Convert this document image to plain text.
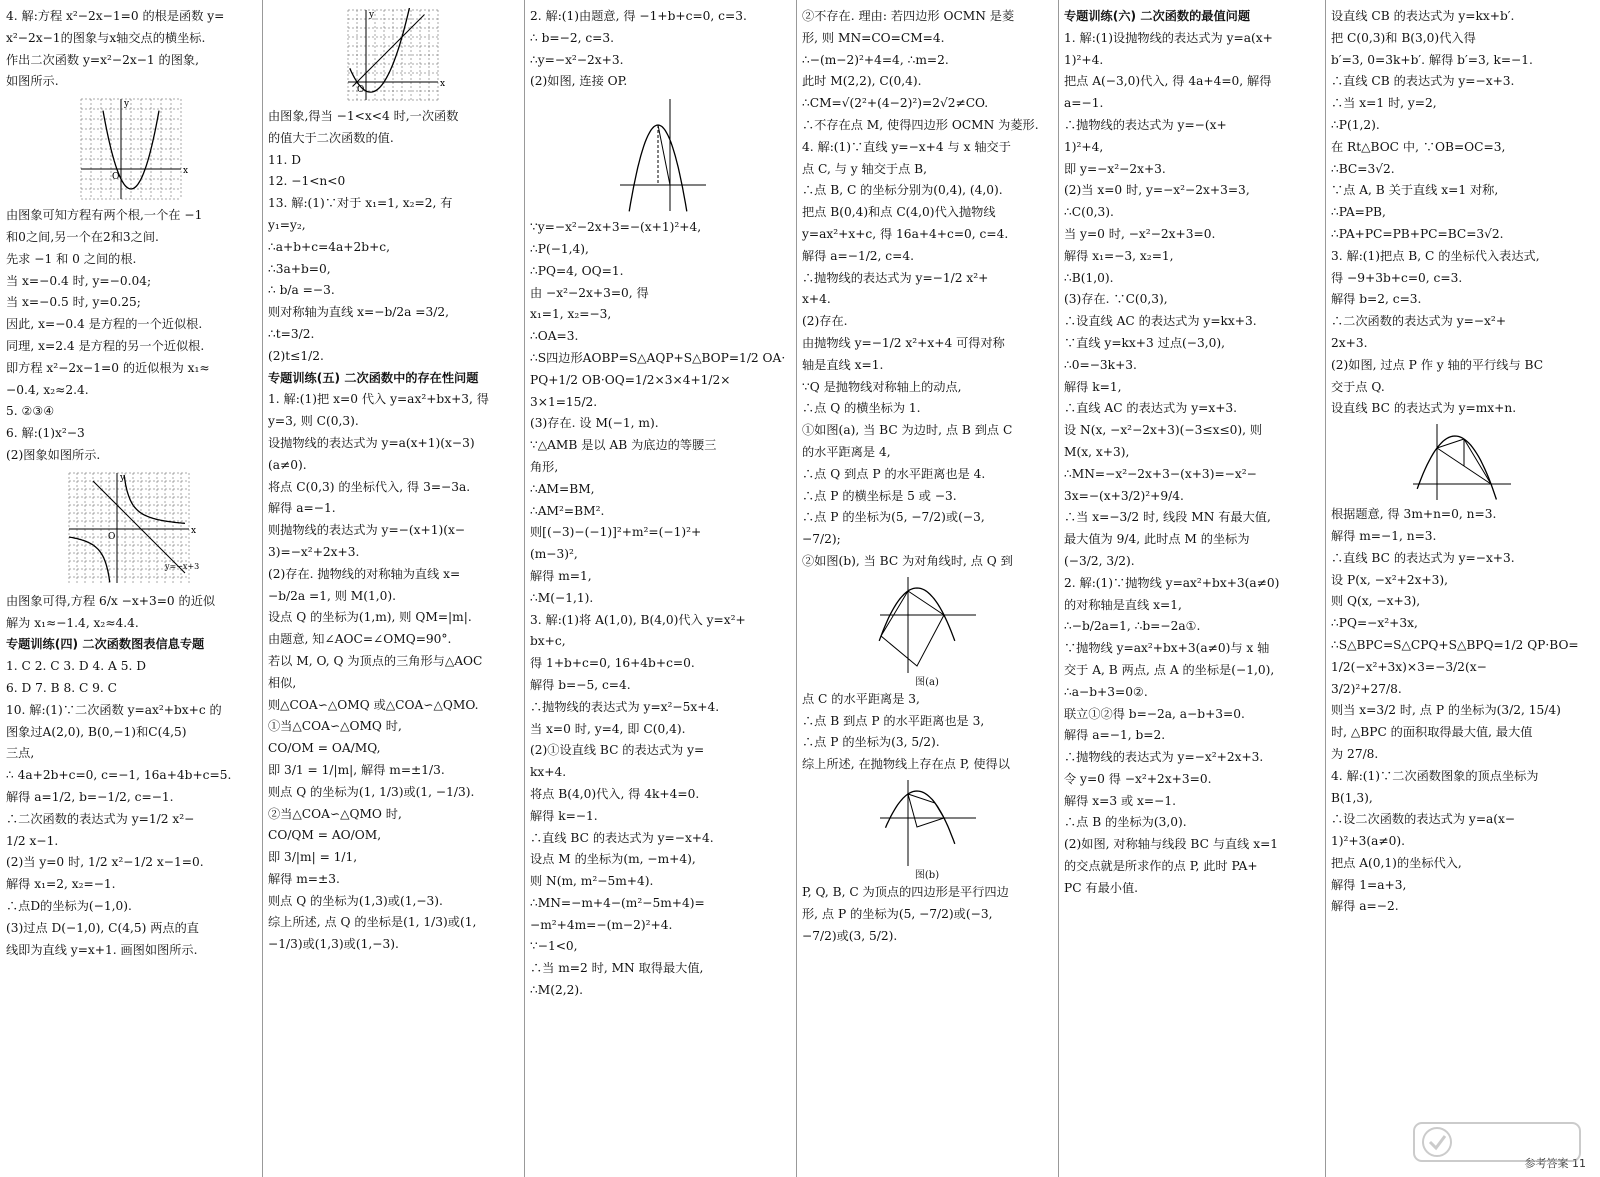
4. 解:方程 x²−2x−1=0 的根是函数 y=
x²−2x−1的图象与x轴交点的横坐标.
作出二次函数 y=x²−2x−1 的图象,
如图所示.
x
y
O
由图象可知方程有两个根,一个在 −1
和0之间,另一个在2和3之间.
先求 −1 和 0 之间的根.
当 x=−0.4 时, y=−0.04;
当 x=−0.5 时, y=0.25;
因此, x=−0.4 是方程的一个近似根.
同理, x=2.4 是方程的另一个近似根.
即方程 x²−2x−1=0 的近似根为 x₁≈
−0.4, x₂≈2.4.
5. ②③④
6. 解:(1)x²−3
(2)图象如图所示.
x
y
O
y=−x+3
由图象可得,方程 6/x −x+3=0 的近似
解为 x₁≈−1.4, x₂≈4.4.
专题训练(四) 二次函数图表信息专题
1. C 2. C 3. D 4. A 5. D
6. D 7. B 8. C 9. C
10. 解:(1)∵二次函数 y=ax²+bx+c 的
图象过A(2,0), B(0,−1)和C(4,5)
三点,
∴ 4a+2b+c=0, c=−1, 16a+4b+c=5.
解得 a=1/2, b=−1/2, c=−1.
∴二次函数的表达式为 y=1/2 x²−
1/2 x−1.
(2)当 y=0 时, 1/2 x²−1/2 x−1=0.
解得 x₁=2, x₂=−1.
∴点D的坐标为(−1,0).
(3)过点 D(−1,0), C(4,5) 两点的直
线即为直线 y=x+1. 画图如图所示.
x
y
O
由图象,得当 −1<x<4 时,一次函数
的值大于二次函数的值.
11. D
12. −1<n<0
13. 解:(1)∵对于 x₁=1, x₂=2, 有
y₁=y₂,
∴a+b+c=4a+2b+c,
∴3a+b=0,
∴ b/a =−3.
则对称轴为直线 x=−b/2a =3/2,
∴t=3/2.
(2)t≤1/2.
专题训练(五) 二次函数中的存在性问题
1. 解:(1)把 x=0 代入 y=ax²+bx+3, 得
y=3, 则 C(0,3).
设抛物线的表达式为 y=a(x+1)(x−3)
(a≠0).
将点 C(0,3) 的坐标代入, 得 3=−3a.
解得 a=−1.
则抛物线的表达式为 y=−(x+1)(x−
3)=−x²+2x+3.
(2)存在. 抛物线的对称轴为直线 x=
−b/2a =1, 则 M(1,0).
设点 Q 的坐标为(1,m), 则 QM=|m|.
由题意, 知∠AOC=∠OMQ=90°.
若以 M, O, Q 为顶点的三角形与△AOC
相似,
则△COA∽△OMQ 或△COA∽△QMO.
①当△COA∽△OMQ 时,
CO/OM = OA/MQ,
即 3/1 = 1/|m|, 解得 m=±1/3.
则点 Q 的坐标为(1, 1/3)或(1, −1/3).
②当△COA∽△QMO 时,
CO/QM = AO/OM,
即 3/|m| = 1/1,
解得 m=±3.
则点 Q 的坐标为(1,3)或(1,−3).
综上所述, 点 Q 的坐标是(1, 1/3)或(1,
−1/3)或(1,3)或(1,−3).
2. 解:(1)由题意, 得 −1+b+c=0, c=3.
∴ b=−2, c=3.
∴y=−x²−2x+3.
(2)如图, 连接 OP.
∵y=−x²−2x+3=−(x+1)²+4,
∴P(−1,4),
∴PQ=4, OQ=1.
由 −x²−2x+3=0, 得
x₁=1, x₂=−3,
∴OA=3.
∴S四边形AOBP=S△AQP+S△BOP=1/2 OA·
PQ+1/2 OB·OQ=1/2×3×4+1/2×
3×1=15/2.
(3)存在. 设 M(−1, m).
∵△AMB 是以 AB 为底边的等腰三
角形,
∴AM=BM,
∴AM²=BM².
则[(−3)−(−1)]²+m²=(−1)²+
(m−3)²,
解得 m=1,
∴M(−1,1).
3. 解:(1)将 A(1,0), B(4,0)代入 y=x²+
bx+c,
得 1+b+c=0, 16+4b+c=0.
解得 b=−5, c=4.
∴抛物线的表达式为 y=x²−5x+4.
当 x=0 时, y=4, 即 C(0,4).
(2)①设直线 BC 的表达式为 y=
kx+4.
将点 B(4,0)代入, 得 4k+4=0.
解得 k=−1.
∴直线 BC 的表达式为 y=−x+4.
设点 M 的坐标为(m, −m+4),
则 N(m, m²−5m+4).
∴MN=−m+4−(m²−5m+4)=
−m²+4m=−(m−2)²+4.
∵−1<0,
∴当 m=2 时, MN 取得最大值,
∴M(2,2).
②不存在. 理由: 若四边形 OCMN 是菱
形, 则 MN=CO=CM=4.
∴−(m−2)²+4=4, ∴m=2.
此时 M(2,2), C(0,4).
∴CM=√(2²+(4−2)²)=2√2≠CO.
∴不存在点 M, 使得四边形 OCMN 为菱形.
4. 解:(1)∵直线 y=−x+4 与 x 轴交于
点 C, 与 y 轴交于点 B,
∴点 B, C 的坐标分别为(0,4), (4,0).
把点 B(0,4)和点 C(4,0)代入抛物线
y=ax²+x+c, 得 16a+4+c=0, c=4.
解得 a=−1/2, c=4.
∴抛物线的表达式为 y=−1/2 x²+
x+4.
(2)存在.
由抛物线 y=−1/2 x²+x+4 可得对称
轴是直线 x=1.
∵Q 是抛物线对称轴上的动点,
∴点 Q 的横坐标为 1.
①如图(a), 当 BC 为边时, 点 B 到点 C
的水平距离是 4,
∴点 Q 到点 P 的水平距离也是 4.
∴点 P 的横坐标是 5 或 −3.
∴点 P 的坐标为(5, −7/2)或(−3,
−7/2);
②如图(b), 当 BC 为对角线时, 点 Q 到
图(a)
点 C 的水平距离是 3,
∴点 B 到点 P 的水平距离也是 3,
∴点 P 的坐标为(3, 5/2).
综上所述, 在抛物线上存在点 P, 使得以
图(b)
P, Q, B, C 为顶点的四边形是平行四边
形, 点 P 的坐标为(5, −7/2)或(−3,
−7/2)或(3, 5/2).
专题训练(六) 二次函数的最值问题
1. 解:(1)设抛物线的表达式为 y=a(x+
1)²+4.
把点 A(−3,0)代入, 得 4a+4=0, 解得
a=−1.
∴抛物线的表达式为 y=−(x+
1)²+4,
即 y=−x²−2x+3.
(2)当 x=0 时, y=−x²−2x+3=3,
∴C(0,3).
当 y=0 时, −x²−2x+3=0.
解得 x₁=−3, x₂=1,
∴B(1,0).
(3)存在. ∵C(0,3),
∴设直线 AC 的表达式为 y=kx+3.
∵直线 y=kx+3 过点(−3,0),
∴0=−3k+3.
解得 k=1,
∴直线 AC 的表达式为 y=x+3.
设 N(x, −x²−2x+3)(−3≤x≤0), 则
M(x, x+3),
∴MN=−x²−2x+3−(x+3)=−x²−
3x=−(x+3/2)²+9/4.
∴当 x=−3/2 时, 线段 MN 有最大值,
最大值为 9/4, 此时点 M 的坐标为
(−3/2, 3/2).
2. 解:(1)∵抛物线 y=ax²+bx+3(a≠0)
的对称轴是直线 x=1,
∴−b/2a=1, ∴b=−2a①.
∵抛物线 y=ax²+bx+3(a≠0)与 x 轴
交于 A, B 两点, 点 A 的坐标是(−1,0),
∴a−b+3=0②.
联立①②得 b=−2a, a−b+3=0.
解得 a=−1, b=2.
∴抛物线的表达式为 y=−x²+2x+3.
令 y=0 得 −x²+2x+3=0.
解得 x=3 或 x=−1.
∴点 B 的坐标为(3,0).
(2)如图, 对称轴与线段 BC 与直线 x=1
的交点就是所求作的点 P, 此时 PA+
PC 有最小值.
设直线 CB 的表达式为 y=kx+b′.
把 C(0,3)和 B(3,0)代入得
b′=3, 0=3k+b′. 解得 b′=3, k=−1.
∴直线 CB 的表达式为 y=−x+3.
∴当 x=1 时, y=2,
∴P(1,2).
在 Rt△BOC 中, ∵OB=OC=3,
∴BC=3√2.
∵点 A, B 关于直线 x=1 对称,
∴PA=PB,
∴PA+PC=PB+PC=BC=3√2.
3. 解:(1)把点 B, C 的坐标代入表达式,
得 −9+3b+c=0, c=3.
解得 b=2, c=3.
∴二次函数的表达式为 y=−x²+
2x+3.
(2)如图, 过点 P 作 y 轴的平行线与 BC
交于点 Q.
设直线 BC 的表达式为 y=mx+n.
根据题意, 得 3m+n=0, n=3.
解得 m=−1, n=3.
∴直线 BC 的表达式为 y=−x+3.
设 P(x, −x²+2x+3),
则 Q(x, −x+3),
∴PQ=−x²+3x,
∴S△BPC=S△CPQ+S△BPQ=1/2 QP·BO=
1/2(−x²+3x)×3=−3/2(x−
3/2)²+27/8.
则当 x=3/2 时, 点 P 的坐标为(3/2, 15/4)
时, △BPC 的面积取得最大值, 最大值
为 27/8.
4. 解:(1)∵二次函数图象的顶点坐标为
B(1,3),
∴设二次函数的表达式为 y=a(x−
1)²+3(a≠0).
把点 A(0,1)的坐标代入,
解得 1=a+3,
解得 a=−2.
参考答案 11
